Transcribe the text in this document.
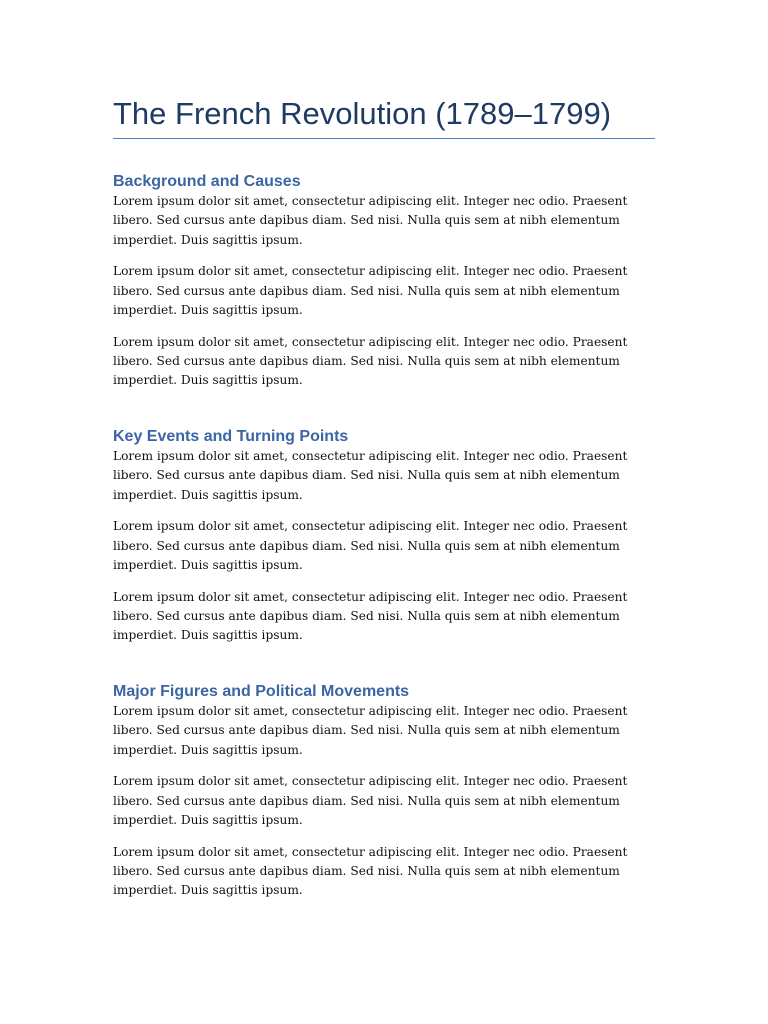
The French Revolution (1789–1799)
Background and Causes

Lorem ipsum dolor sit amet, consectetur adipiscing elit. Integer nec odio. Praesent libero. Sed cursus ante dapibus diam. Sed nisi. Nulla quis sem at nibh elementum imperdiet. Duis sagittis ipsum.

Lorem ipsum dolor sit amet, consectetur adipiscing elit. Integer nec odio. Praesent libero. Sed cursus ante dapibus diam. Sed nisi. Nulla quis sem at nibh elementum imperdiet. Duis sagittis ipsum.

Lorem ipsum dolor sit amet, consectetur adipiscing elit. Integer nec odio. Praesent libero. Sed cursus ante dapibus diam. Sed nisi. Nulla quis sem at nibh elementum imperdiet. Duis sagittis ipsum.

Key Events and Turning Points

Lorem ipsum dolor sit amet, consectetur adipiscing elit. Integer nec odio. Praesent libero. Sed cursus ante dapibus diam. Sed nisi. Nulla quis sem at nibh elementum imperdiet. Duis sagittis ipsum.

Lorem ipsum dolor sit amet, consectetur adipiscing elit. Integer nec odio. Praesent libero. Sed cursus ante dapibus diam. Sed nisi. Nulla quis sem at nibh elementum imperdiet. Duis sagittis ipsum.

Lorem ipsum dolor sit amet, consectetur adipiscing elit. Integer nec odio. Praesent libero. Sed cursus ante dapibus diam. Sed nisi. Nulla quis sem at nibh elementum imperdiet. Duis sagittis ipsum.

Major Figures and Political Movements

Lorem ipsum dolor sit amet, consectetur adipiscing elit. Integer nec odio. Praesent libero. Sed cursus ante dapibus diam. Sed nisi. Nulla quis sem at nibh elementum imperdiet. Duis sagittis ipsum.

Lorem ipsum dolor sit amet, consectetur adipiscing elit. Integer nec odio. Praesent libero. Sed cursus ante dapibus diam. Sed nisi. Nulla quis sem at nibh elementum imperdiet. Duis sagittis ipsum.

Lorem ipsum dolor sit amet, consectetur adipiscing elit. Integer nec odio. Praesent libero. Sed cursus ante dapibus diam. Sed nisi. Nulla quis sem at nibh elementum imperdiet. Duis sagittis ipsum.
